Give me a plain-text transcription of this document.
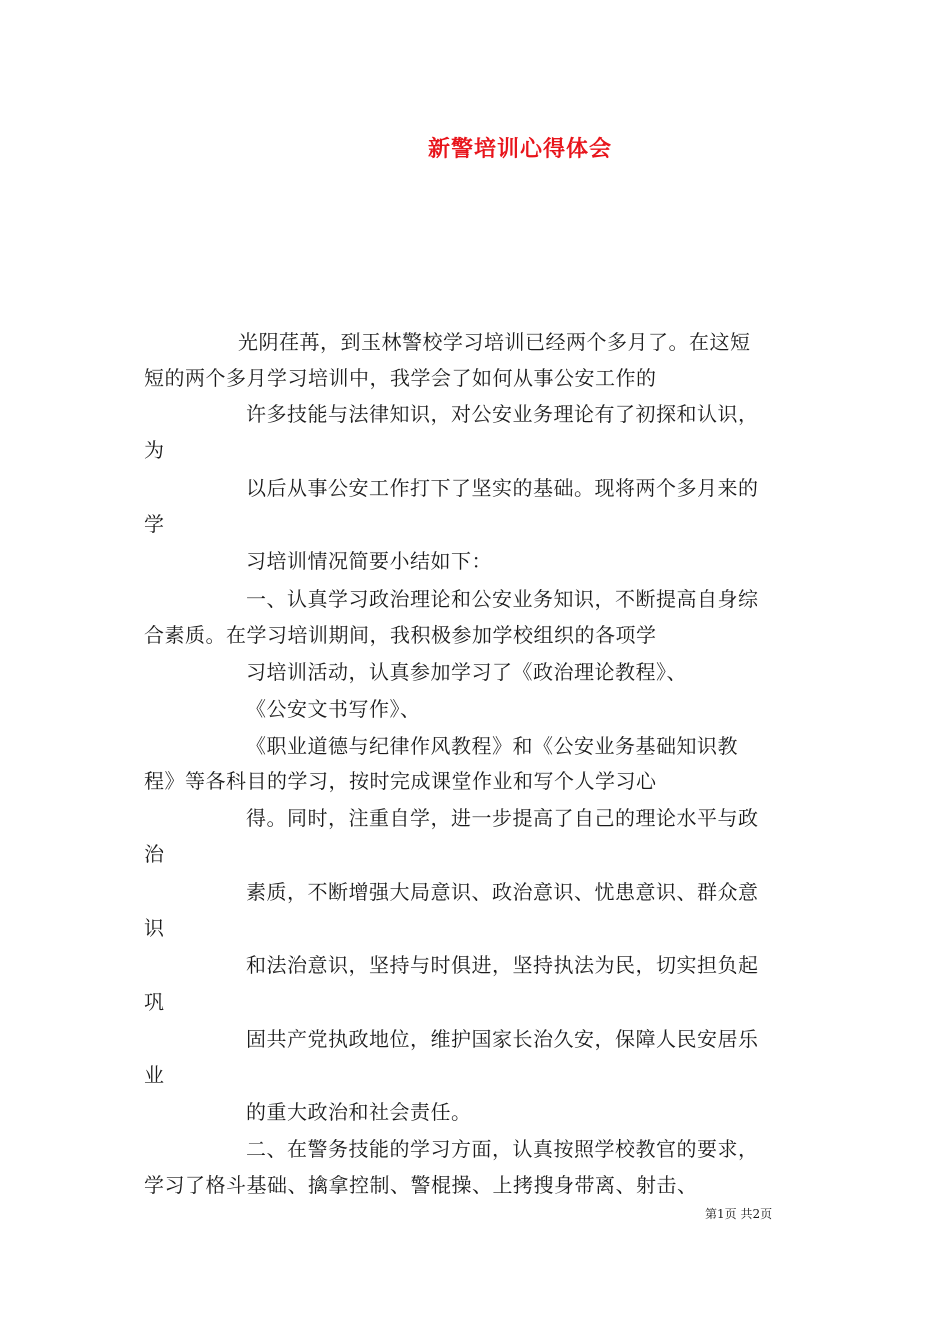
新警培训心得体会
光阴荏苒，到玉林警校学习培训已经两个多月了。在这短
短的两个多月学习培训中，我学会了如何从事公安工作的
许多技能与法律知识，对公安业务理论有了初探和认识，
为
以后从事公安工作打下了坚实的基础。现将两个多月来的
学
习培训情况简要小结如下：
一、认真学习政治理论和公安业务知识，不断提高自身综
合素质。在学习培训期间，我积极参加学校组织的各项学
习培训活动，认真参加学习了《政治理论教程》、
《公安文书写作》、
《职业道德与纪律作风教程》和《公安业务基础知识教
程》等各科目的学习，按时完成课堂作业和写个人学习心
得。同时，注重自学，进一步提高了自己的理论水平与政
治
素质，不断增强大局意识、政治意识、忧患意识、群众意
识
和法治意识，坚持与时俱进，坚持执法为民，切实担负起
巩
固共产党执政地位，维护国家长治久安，保障人民安居乐
业
的重大政治和社会责任。
二、在警务技能的学习方面，认真按照学校教官的要求，
学习了格斗基础、擒拿控制、警棍操、上拷搜身带离、射击、
第1页 共2页
